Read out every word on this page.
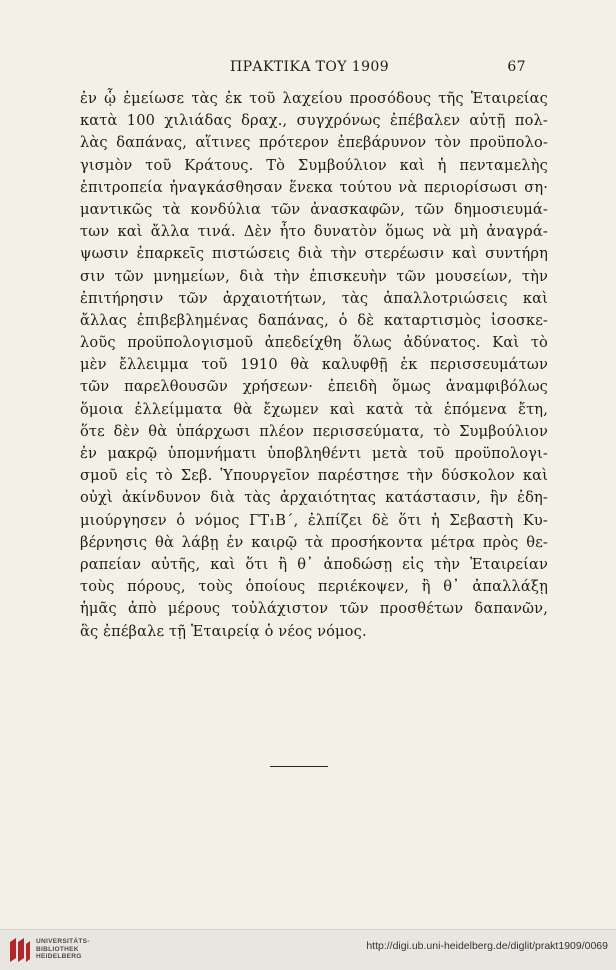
ΠΡΑΚΤΙΚΑ ΤΟΥ 1909	67
ἐν ᾧ ἐμείωσε τὰς ἐκ τοῦ λαχείου προσόδους τῆς Ἑταιρείας
κατὰ 100 χιλιάδας δραχ., συγχρόνως ἐπέβαλεν αὐτῇ πολ-
λὰς δαπάνας, αἵτινες πρότερον ἐπεβάρυνον τὸν προϋπολο-
γισμὸν τοῦ Κράτους. Τὸ Συμβούλιον καὶ ἡ πενταμελὴς
ἐπιτροπεία ἠναγκάσθησαν ἕνεκα τούτου νὰ περιορίσωσι ση·
μαντικῶς τὰ κονδύλια τῶν ἀνασκαφῶν, τῶν δημοσιευμά-
των καὶ ἄλλα τινά. Δὲν ἦτο δυνατὸν ὅμως νὰ μὴ ἀναγρά-
ψωσιν ἐπαρκεῖς πιστώσεις διὰ τὴν στερέωσιν καὶ συντήρη
σιν τῶν μνημείων, διὰ τὴν ἐπισκευὴν τῶν μουσείων, τὴν
ἐπιτήρησιν τῶν ἀρχαιοτήτων, τὰς ἀπαλλοτριώσεις καὶ
ἄλλας ἐπιβεβλημένας δαπάνας, ὁ δὲ καταρτισμὸς ἰσοσκε-
λοῦς προϋπολογισμοῦ ἀπεδείχθη ὅλως ἀδύνατος. Καὶ τὸ
μὲν ἔλλειμμα τοῦ 1910 θὰ καλυφθῇ ἐκ περισσευμάτων
τῶν παρελθουσῶν χρήσεων· ἐπειδὴ ὅμως ἀναμφιβόλως
ὅμοια ἐλλείμματα θὰ ἔχωμεν καὶ κατὰ τὰ ἑπόμενα ἔτη,
ὅτε δὲν θὰ ὑπάρχωσι πλέον περισσεύματα, τὸ Συμβούλιον
ἐν μακρῷ ὑπομνήματι ὑποβληθέντι μετὰ τοῦ προϋπολογι-
σμοῦ εἰς τὸ Σεβ. Ὑπουργεῖον παρέστησε τὴν δύσκολον καὶ
οὐχὶ ἀκίνδυνον διὰ τὰς ἀρχαιότητας κατάστασιν, ἣν ἐδη-
μιούργησεν ὁ νόμος ΓΤ₁Β΄, ἐλπίζει δὲ ὅτι ἡ Σεβαστὴ Κυ-
βέρνησις θὰ λάβῃ ἐν καιρῷ τὰ προσήκοντα μέτρα πρὸς θε-
ραπείαν αὐτῆς, καὶ ὅτι ἢ θ᾽ ἀποδώσῃ εἰς τὴν Ἑταιρείαν
τοὺς πόρους, τοὺς ὁποίους περιέκοψεν, ἢ θ᾽ ἀπαλλάξῃ
ἡμᾶς ἀπὸ μέρους τοὐλάχιστον τῶν προσθέτων δαπανῶν,
ἃς ἐπέβαλε τῇ Ἑταιρείᾳ ὁ νέος νόμος.
UNIVERSITÄTS-
BIBLIOTHEK
HEIDELBERG
http://digi.ub.uni-heidelberg.de/diglit/prakt1909/0069
